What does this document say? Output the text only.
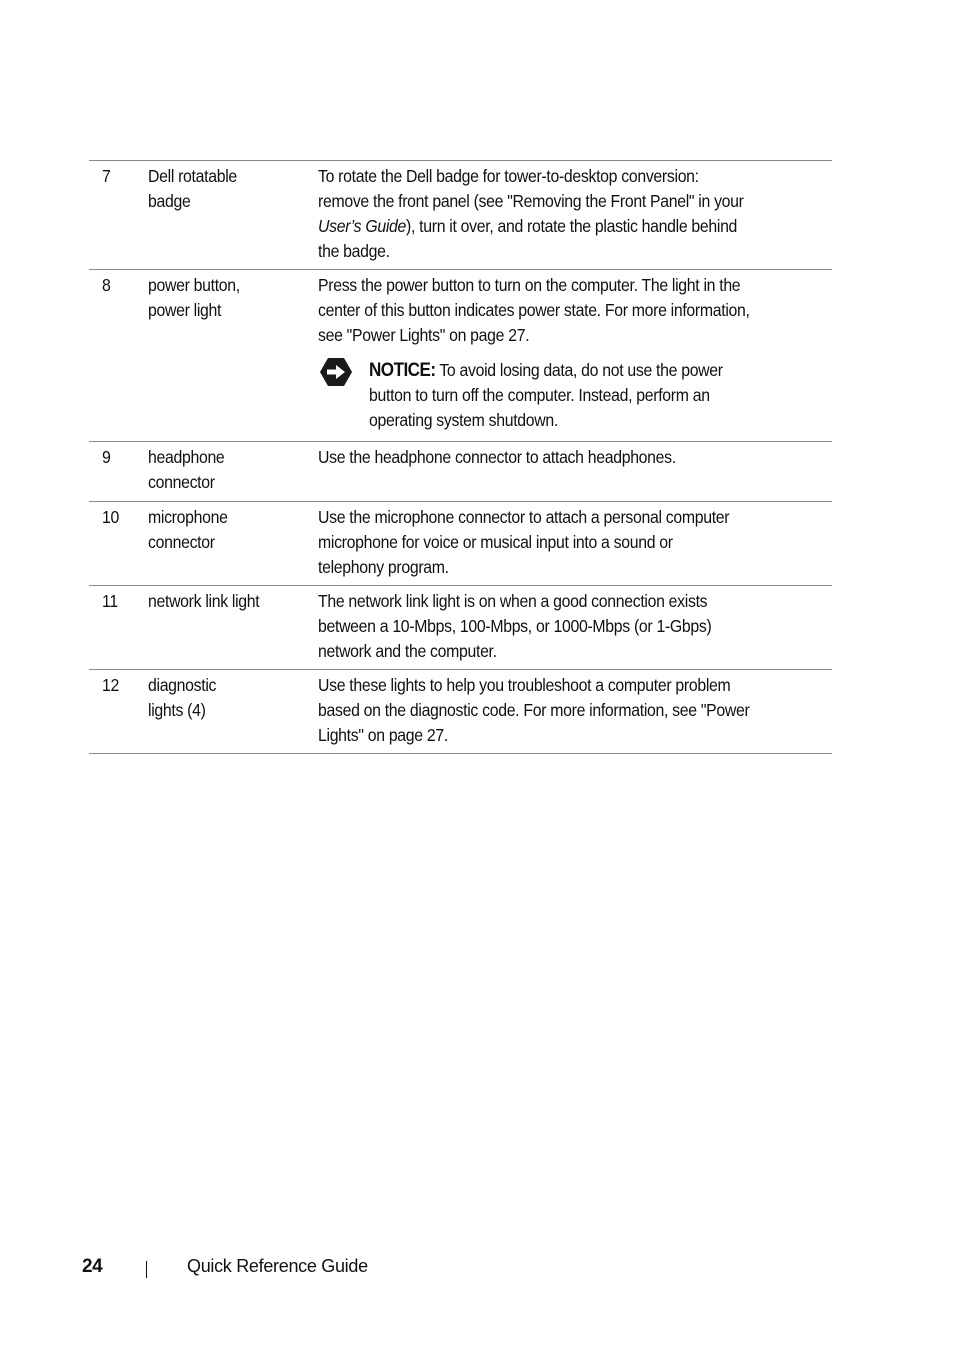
7 Dell rotatable
badge
To rotate the Dell badge for tower-to-desktop conversion:
remove the front panel (see "Removing the Front Panel" in your
User’s Guide), turn it over, and rotate the plastic handle behind
the badge.
8 power button,
power light
Press the power button to turn on the computer. The light in the
center of this button indicates power state. For more information,
see "Power Lights" on page 27.
NOTICE: To avoid losing data, do not use the power
button to turn off the computer. Instead, perform an
operating system shutdown.
9 headphone
connector
Use the headphone connector to attach headphones.
10 microphone
connector
Use the microphone connector to attach a personal computer
microphone for voice or musical input into a sound or
telephony program.
11 network link light	The network link light is on when a good connection exists
between a 10-Mbps, 100-Mbps, or 1000-Mbps (or 1-Gbps)
network and the computer.
12 diagnostic
lights (4)
Use these lights to help you troubleshoot a computer problem
based on the diagnostic code. For more information, see "Power
Lights" on page 27.
24	Quick Reference Guide
